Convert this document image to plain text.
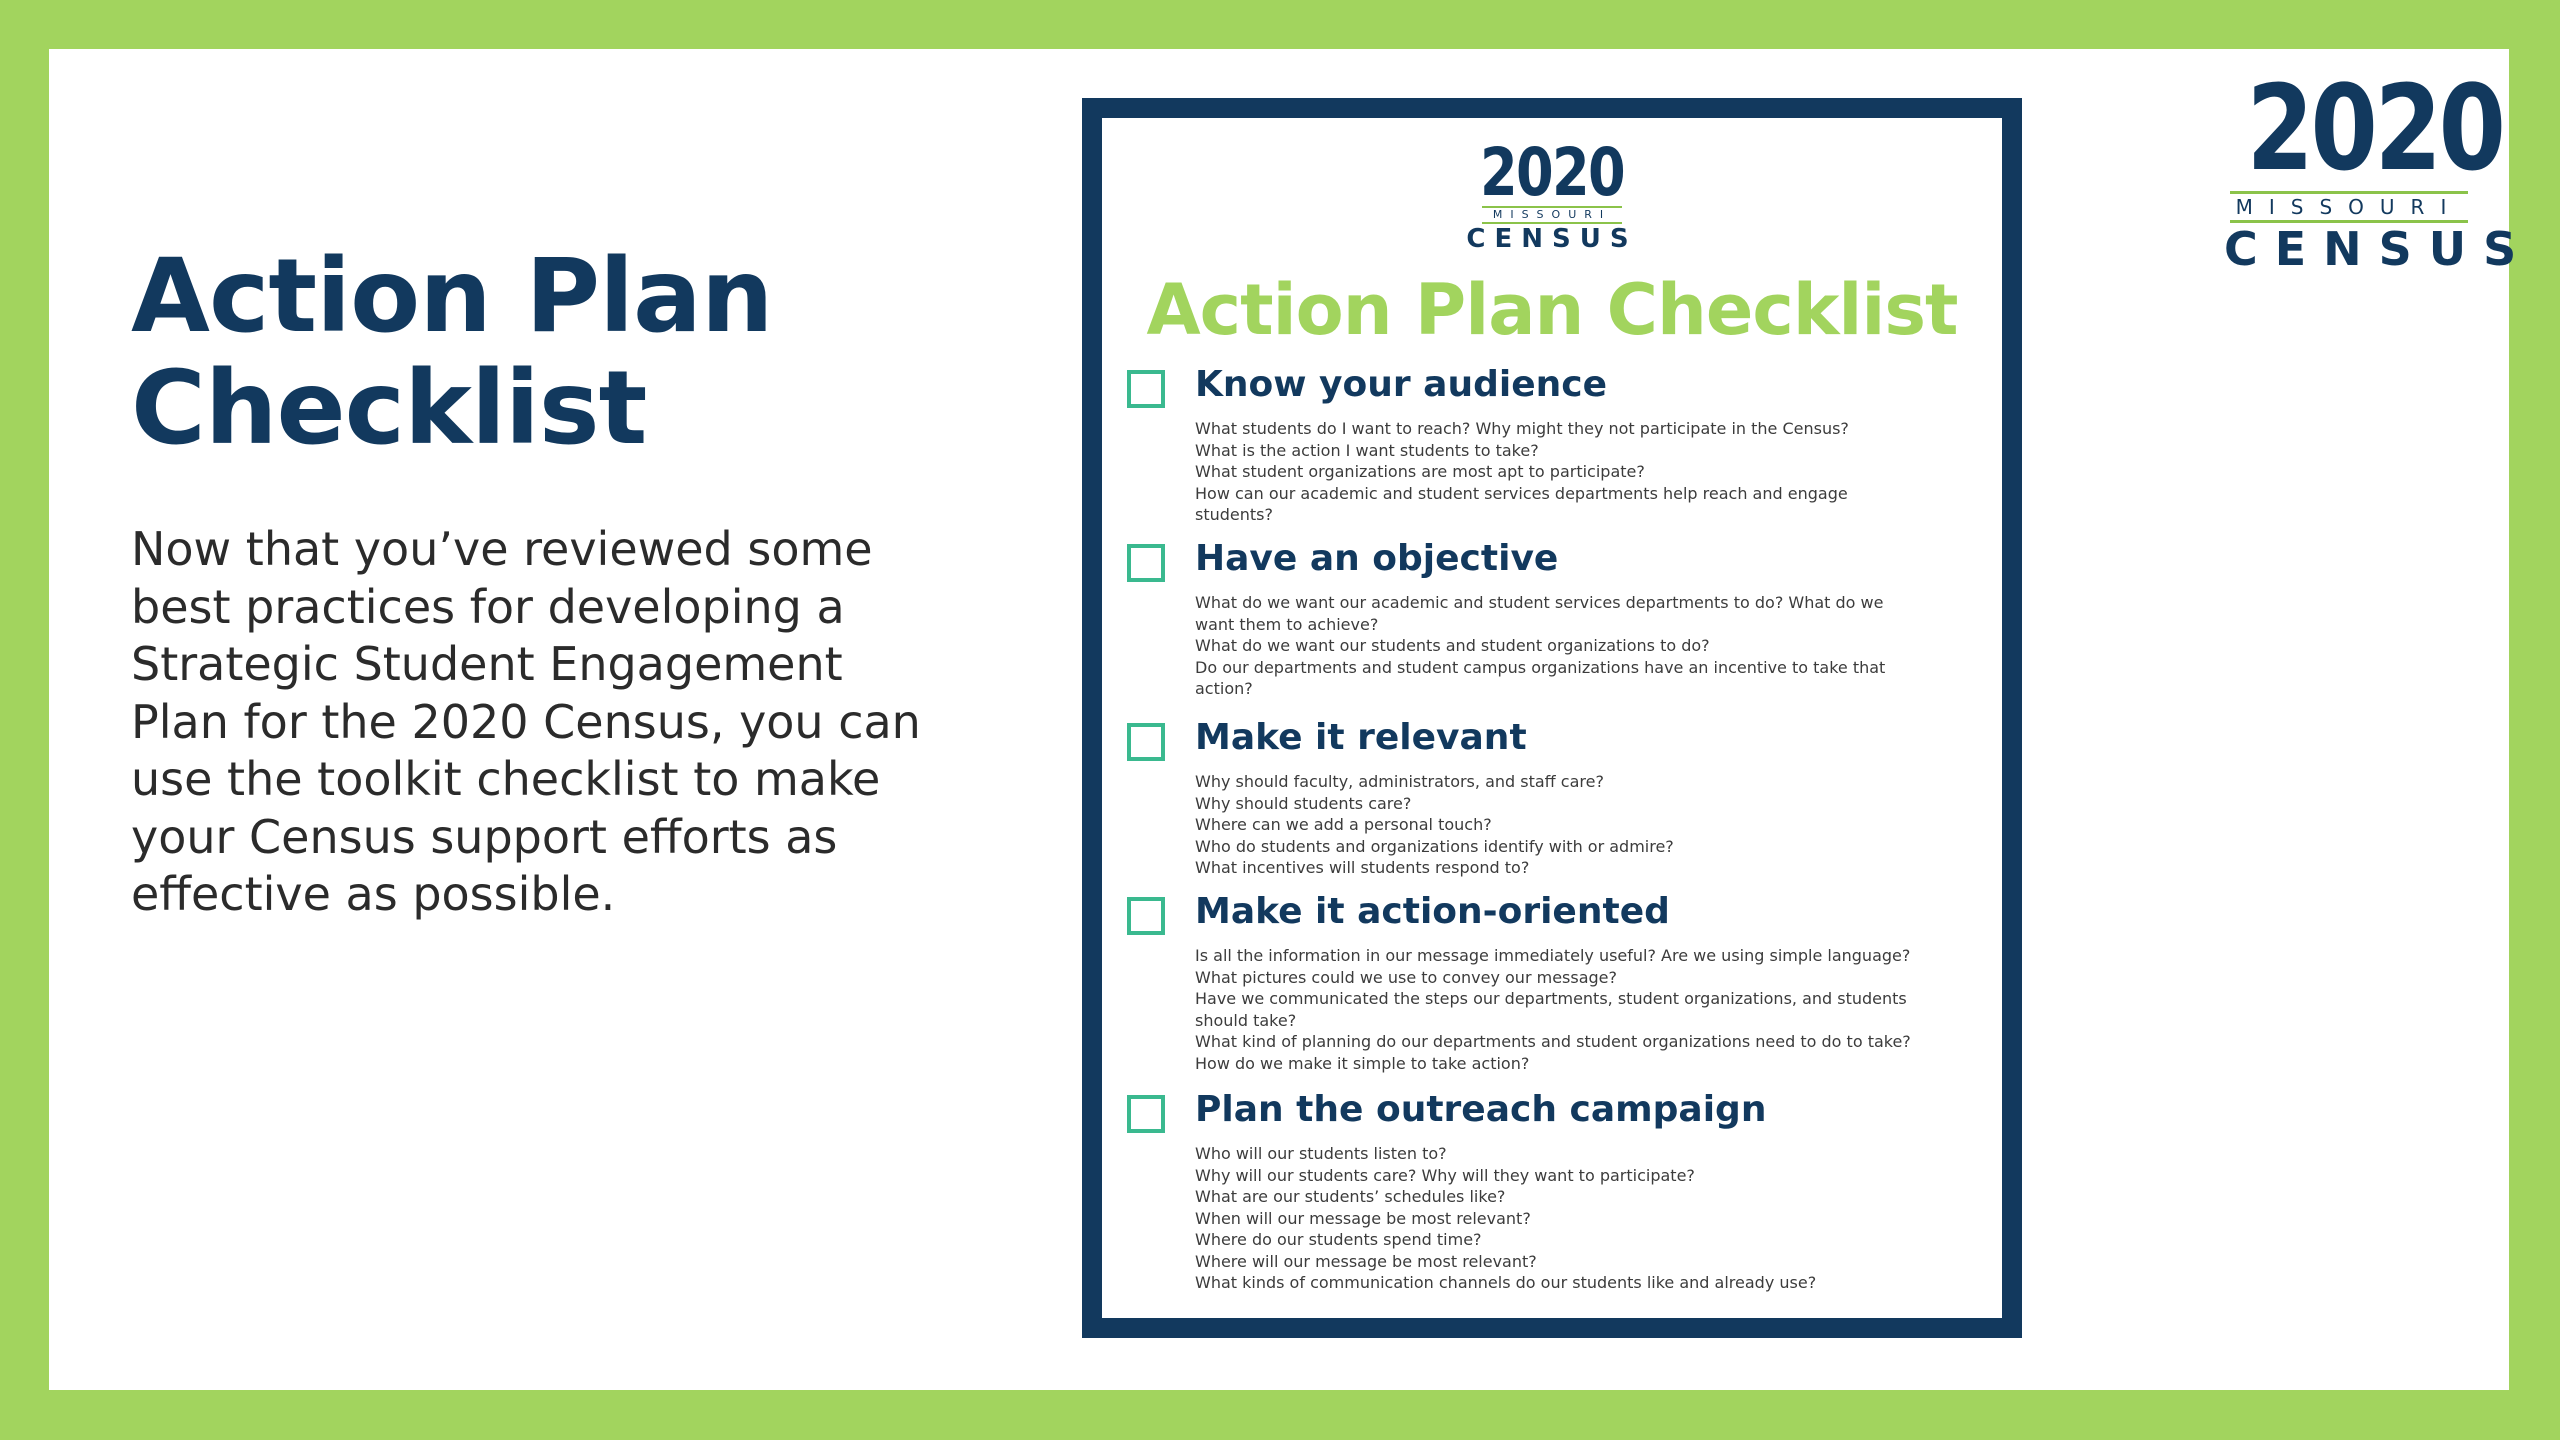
Action Plan Checklist

Now that you’ve reviewed some best practices for developing a Strategic Student Engagement Plan for the 2020 Census, you can use the toolkit checklist to make your Census support efforts as effective as possible.

2020
MISSOURI
CENSUS
Action Plan Checklist
Know your audience
What students do I want to reach? Why might they not participate in the Census?
What is the action I want students to take?
What student organizations are most apt to participate?
How can our academic and student services departments help reach and engage
students?
Have an objective
What do we want our academic and student services departments to do? What do we
want them to achieve?
What do we want our students and student organizations to do?
Do our departments and student campus organizations have an incentive to take that
action?
Make it relevant
Why should faculty, administrators, and staff care?
Why should students care?
Where can we add a personal touch?
Who do students and organizations identify with or admire?
What incentives will students respond to?
Make it action-oriented
Is all the information in our message immediately useful? Are we using simple language?
What pictures could we use to convey our message?
Have we communicated the steps our departments, student organizations, and students
should take?
What kind of planning do our departments and student organizations need to do to take?
How do we make it simple to take action?
Plan the outreach campaign
Who will our students listen to?
Why will our students care? Why will they want to participate?
What are our students’ schedules like?
When will our message be most relevant?
Where do our students spend time?
Where will our message be most relevant?
What kinds of communication channels do our students like and already use?
2020
MISSOURI
CENSUS
